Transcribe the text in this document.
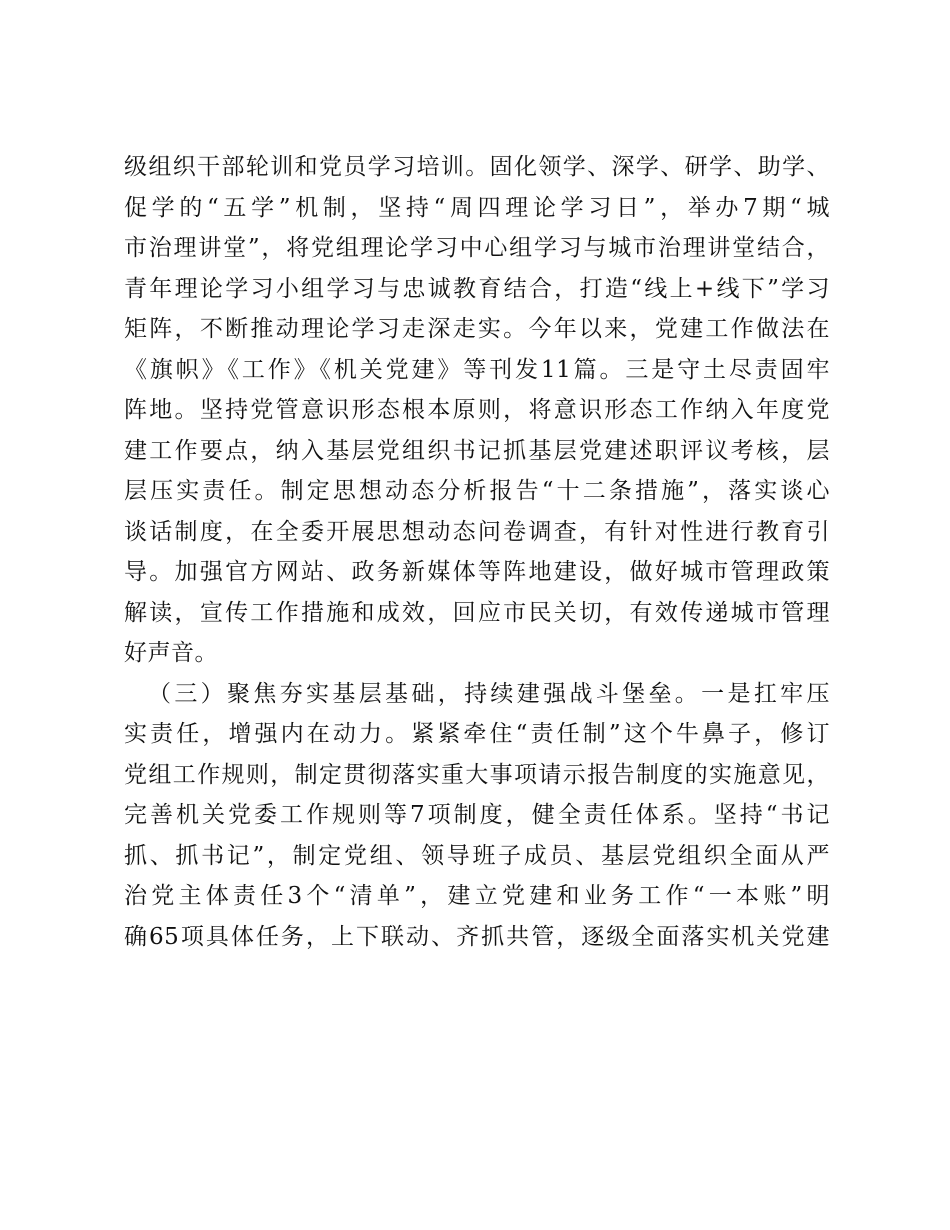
级组织干部轮训和党员学习培训。固化领学、深学、研学、助学、
促学的“五学”机制，坚持“周四理论学习日”，举办7期“城
市治理讲堂”，将党组理论学习中心组学习与城市治理讲堂结合，
青年理论学习小组学习与忠诚教育结合，打造“线上+线下”学习
矩阵，不断推动理论学习走深走实。今年以来，党建工作做法在
《旗帜》《工作》《机关党建》等刊发11篇。三是守土尽责固牢
阵地。坚持党管意识形态根本原则，将意识形态工作纳入年度党
建工作要点，纳入基层党组织书记抓基层党建述职评议考核，层
层压实责任。制定思想动态分析报告“十二条措施”，落实谈心
谈话制度，在全委开展思想动态问卷调查，有针对性进行教育引
导。加强官方网站、政务新媒体等阵地建设，做好城市管理政策
解读，宣传工作措施和成效，回应市民关切，有效传递城市管理
好声音。
（三）聚焦夯实基层基础，持续建强战斗堡垒。一是扛牢压
实责任，增强内在动力。紧紧牵住“责任制”这个牛鼻子，修订
党组工作规则，制定贯彻落实重大事项请示报告制度的实施意见，
完善机关党委工作规则等7项制度，健全责任体系。坚持“书记
抓、抓书记”，制定党组、领导班子成员、基层党组织全面从严
治党主体责任3个“清单”，建立党建和业务工作“一本账”明
确65项具体任务，上下联动、齐抓共管，逐级全面落实机关党建
